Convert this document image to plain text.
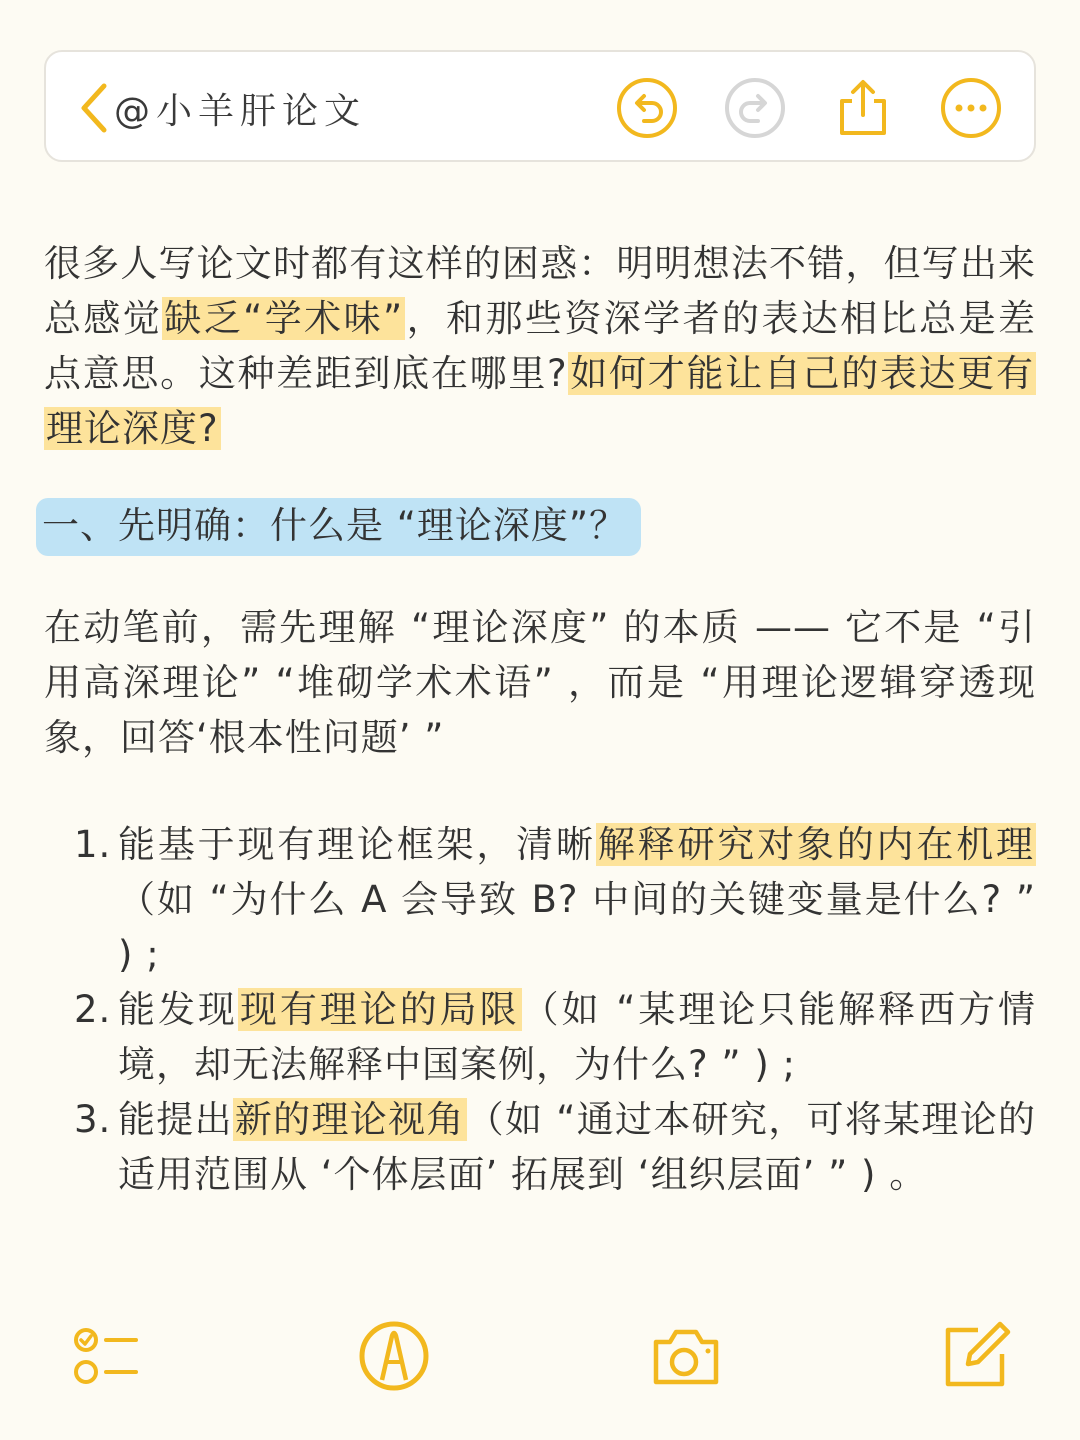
@小羊肝论文

很多人写论文时都有这样的困惑：明明想法不错，但写出来总感觉缺乏“学术味”，和那些资深学者的表达相比总是差点意思。这种差距到底在哪里?如何才能让自己的表达更有理论深度?

一、先明确：什么是 “理论深度”？

在动笔前，需先理解 “理论深度” 的本质 —— 它不是 “引用高深理论” “堆砌学术术语” ，而是 “用理论逻辑穿透现象，回答‘根本性问题’ ”

1. 能基于现有理论框架，清晰解释研究对象的内在机理（如 “为什么 A 会导致 B? 中间的关键变量是什么? ” ) ;
2. 能发现现有理论的局限（如 “某理论只能解释西方情境，却无法解释中国案例，为什么? ” ) ;
3. 能提出新的理论视角（如 “通过本研究，可将某理论的适用范围从 ‘个体层面’ 拓展到 ‘组织层面’ ” ) 。
